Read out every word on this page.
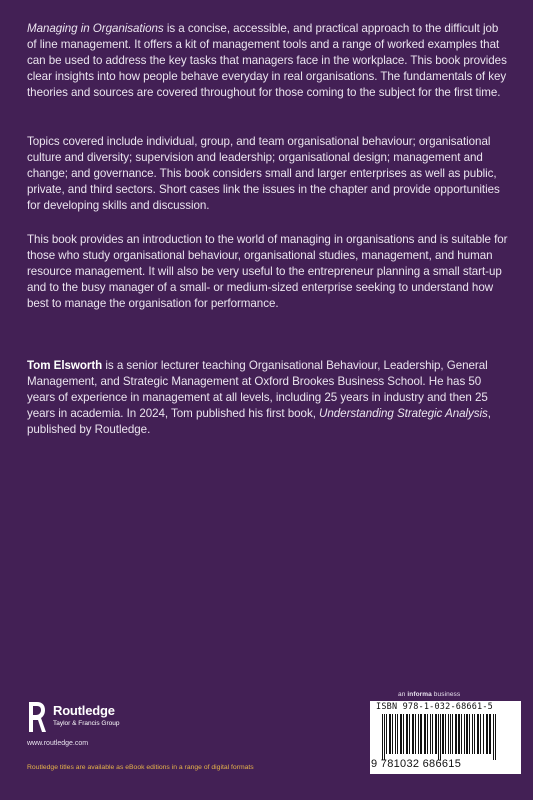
Managing in Organisations is a concise, accessible, and practical approach to the difficult job of line management. It offers a kit of management tools and a range of worked examples that can be used to address the key tasks that managers face in the workplace. This book provides clear insights into how people behave everyday in real organisations. The fundamentals of key theories and sources are covered throughout for those coming to the subject for the first time.

Topics covered include individual, group, and team organisational behaviour; organisational culture and diversity; supervision and leadership; organisational design; management and change; and governance. This book considers small and larger enterprises as well as public, private, and third sectors. Short cases link the issues in the chapter and provide opportunities for developing skills and discussion.

This book provides an introduction to the world of managing in organisations and is suitable for those who study organisational behaviour, organisational studies, management, and human resource management. It will also be very useful to the entrepreneur planning a small start-up and to the busy manager of a small- or medium-sized enterprise seeking to understand how best to manage the organisation for performance.

Tom Elsworth is a senior lecturer teaching Organisational Behaviour, Leadership, General Management, and Strategic Management at Oxford Brookes Business School. He has 50 years of experience in management at all levels, including 25 years in industry and then 25 years in academia. In 2024, Tom published his first book, Understanding Strategic Analysis, published by Routledge.

an informa business
Routledge
Taylor & Francis Group
www.routledge.com
Routledge titles are available as eBook editions in a range of digital formats
ISBN 978-1-032-68661-5
9 781032 686615
